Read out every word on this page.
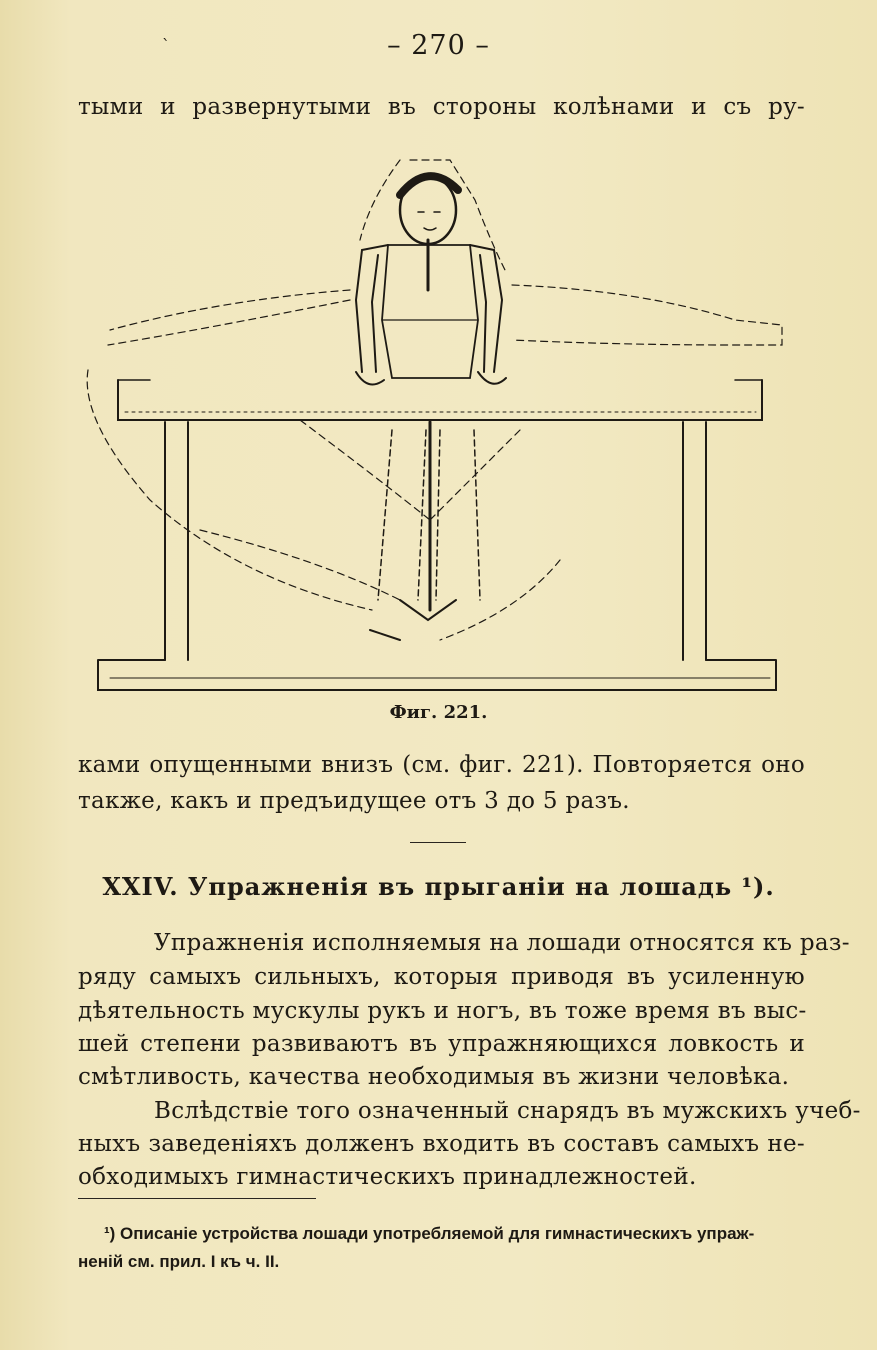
ˋ	– 270 –
тыми и развернутыми въ стороны колѣнами и съ ру-
Фиг. 221.
ками опущенными внизъ (см. фиг. 221). Повторяется оно
также, какъ и предъидущее отъ 3 до 5 разъ.
XXIV. Упражненія въ прыганіи на лошадь ¹).
Упражненія исполняемыя на лошади относятся къ раз-
ряду самыхъ сильныхъ, которыя приводя въ усиленную
дѣятельность мускулы рукъ и ногъ, въ тоже время въ выс-
шей степени развиваютъ въ упражняющихся ловкость и
смѣтливость, качества необходимыя въ жизни человѣка.
Вслѣдствіе того означенный снарядъ въ мужскихъ учеб-
ныхъ заведеніяхъ долженъ входить въ составъ самыхъ не-
обходимыхъ гимнастическихъ принадлежностей.
¹) Описаніе устройства лошади употребляемой для гимнастическихъ упраж-
неній см. прил. I къ ч. II.
